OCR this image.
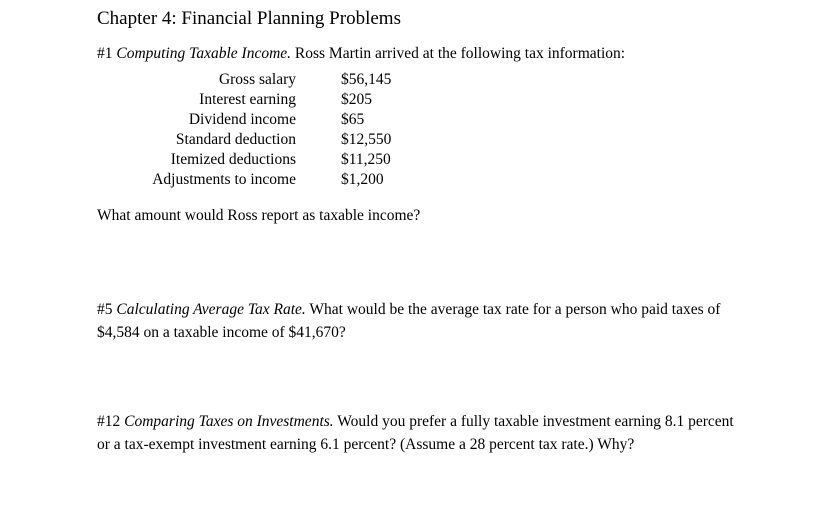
Chapter 4: Financial Planning Problems
#1 Computing Taxable Income. Ross Martin arrived at the following tax information:
Gross salary	$56,145
Interest earning	$205
Dividend income	$65
Standard deduction	$12,550
Itemized deductions	$11,250
Adjustments to income	$1,200
What amount would Ross report as taxable income?
#5 Calculating Average Tax Rate. What would be the average tax rate for a person who paid taxes of $4,584 on a taxable income of $41,670?
#12 Comparing Taxes on Investments. Would you prefer a fully taxable investment earning 8.1 percent or a tax-exempt investment earning 6.1 percent? (Assume a 28 percent tax rate.) Why?
